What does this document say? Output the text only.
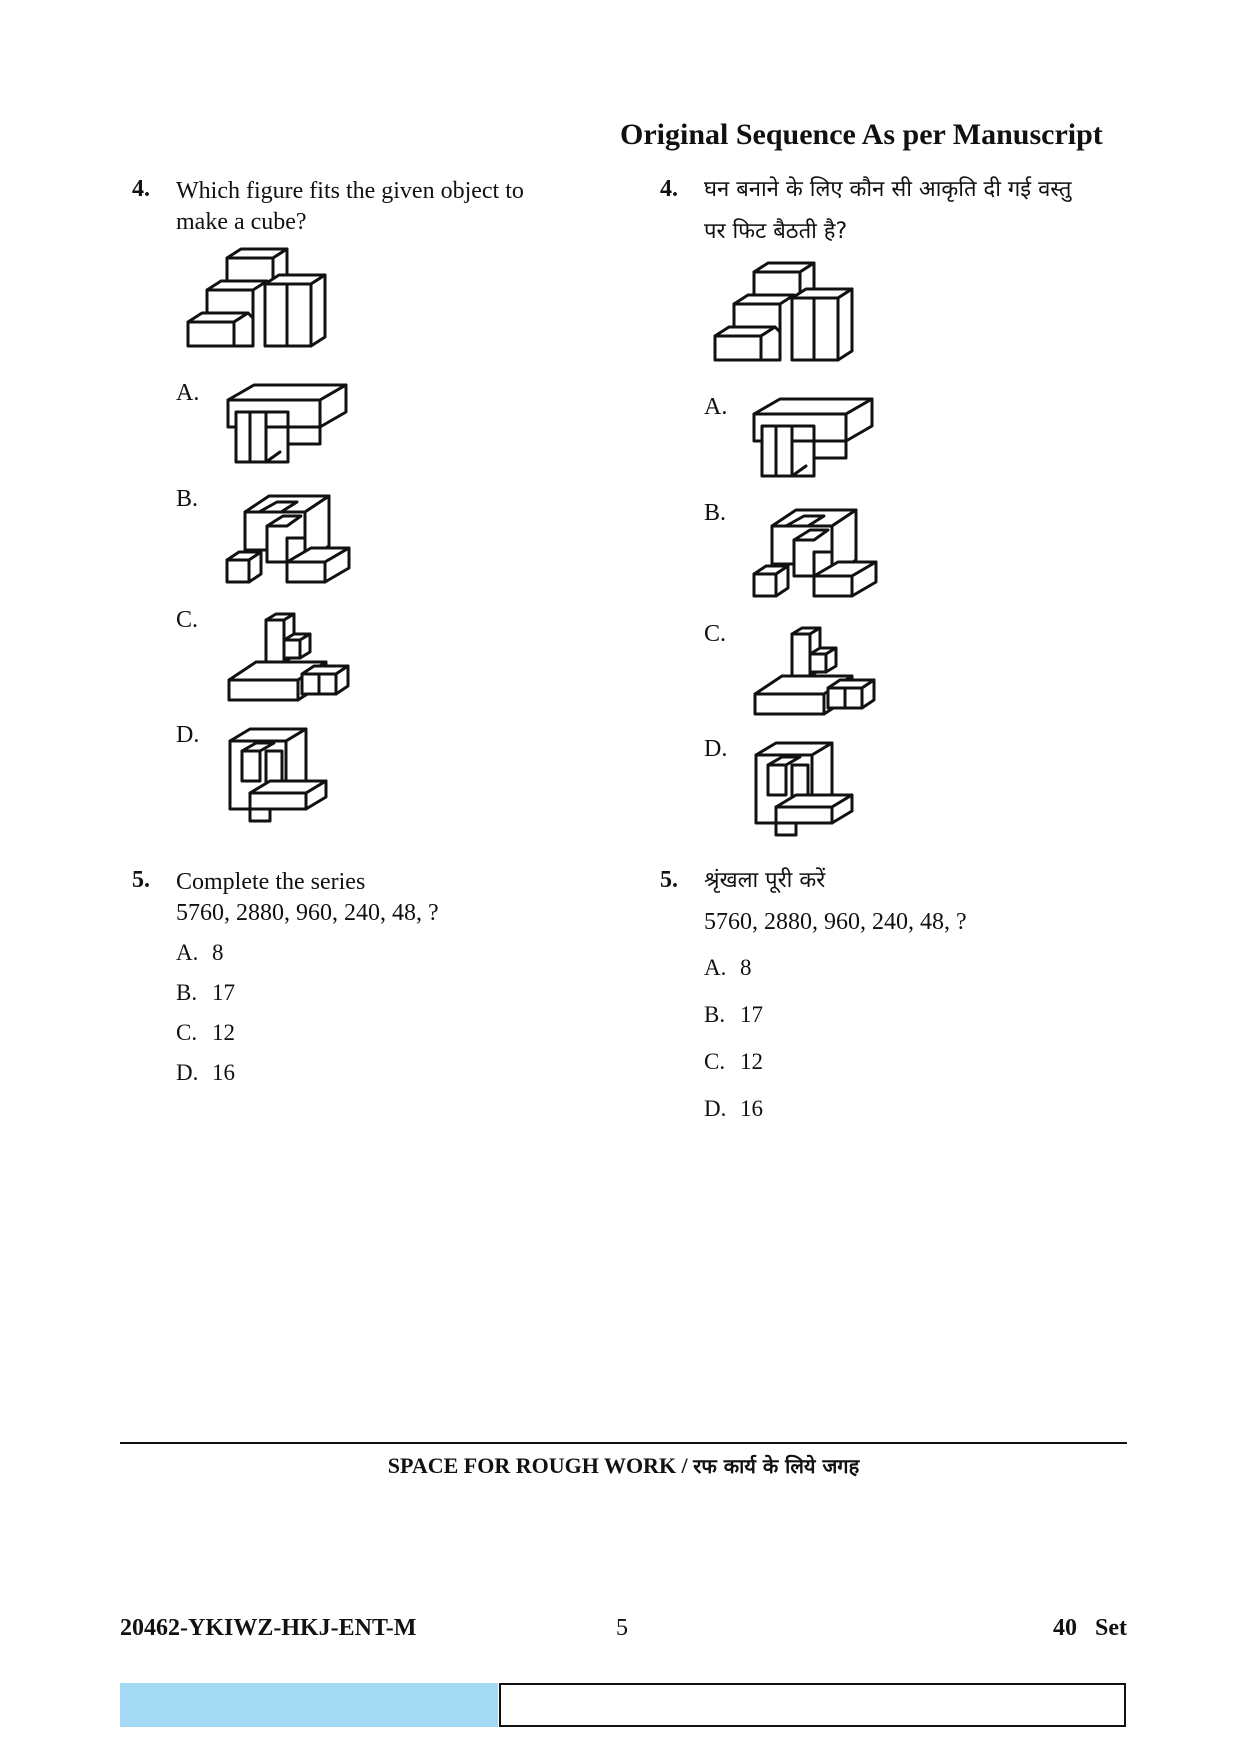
Original Sequence As per Manuscript
4. Which figure fits the given object to
make a cube?
A.
B.
C.
D.
5. Complete the series
5760, 2880, 960, 240, 48, ?
A. 8
B. 17
C. 12
D. 16
4. घन बनाने के लिए कौन सी आकृति दी गई वस्तु
पर फिट बैठती है?
A.
B.
C.
D.
5. श्रृंखला पूरी करें
5760, 2880, 960, 240, 48, ?
A. 8
B. 17
C. 12
D. 16
SPACE FOR ROUGH WORK / रफ कार्य के लिये जगह
20462-YKIWZ-HKJ-ENT-M	5	40   Set
